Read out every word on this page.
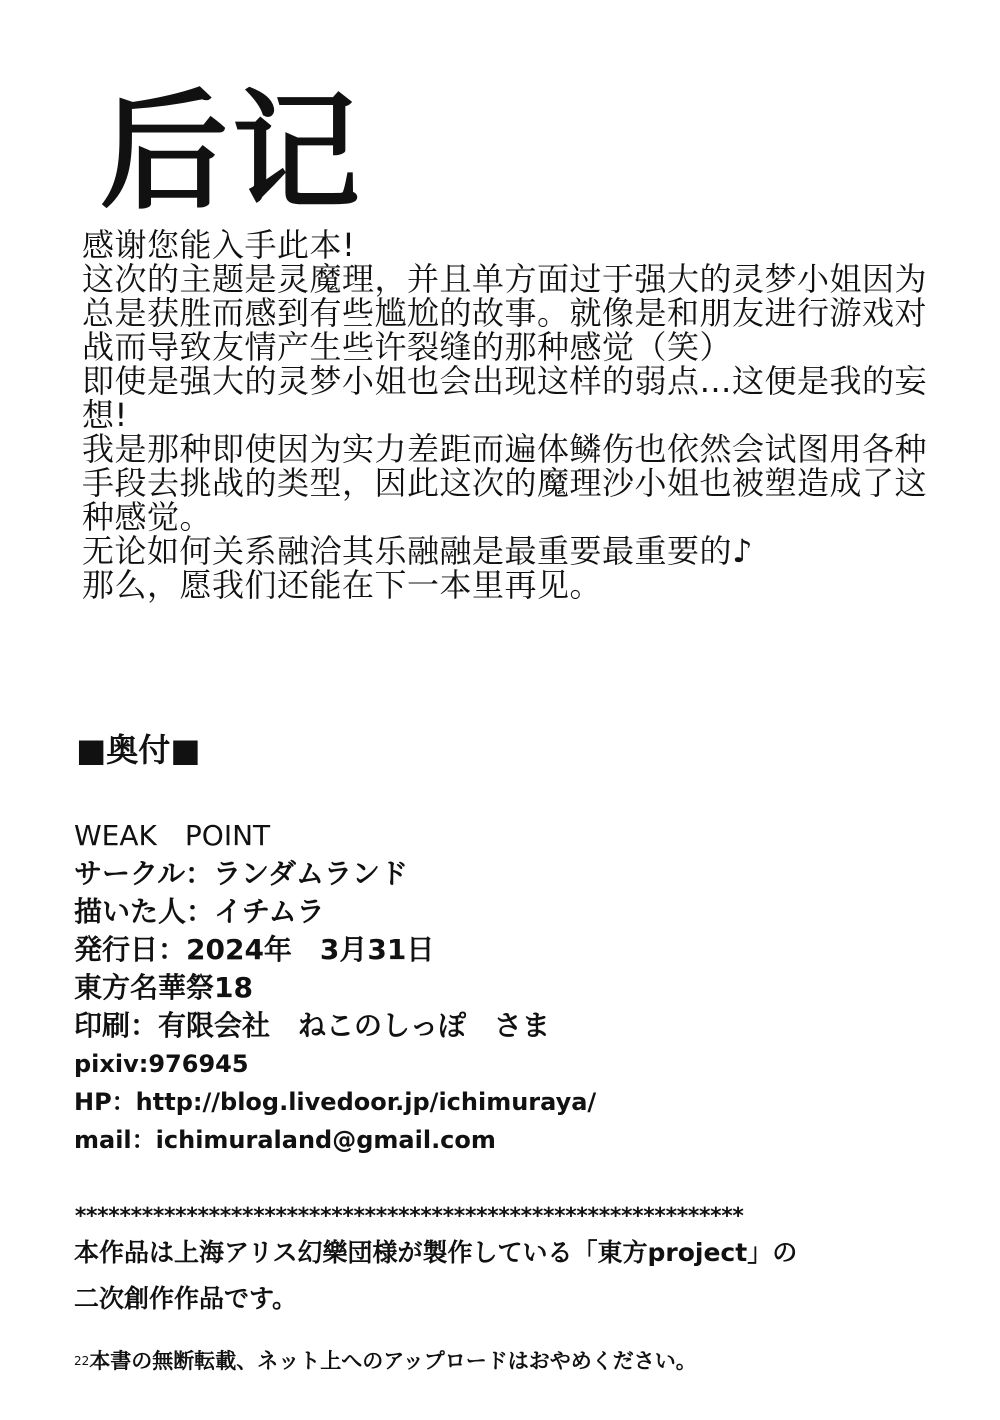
后记
感谢您能入手此本!
这次的主题是灵魔理，并且单方面过于强大的灵梦小姐因为
总是获胜而感到有些尴尬的故事。就像是和朋友进行游戏对
战而导致友情产生些许裂缝的那种感觉（笑）
即使是强大的灵梦小姐也会出现这样的弱点…这便是我的妄
想!
我是那种即使因为实力差距而遍体鳞伤也依然会试图用各种
手段去挑战的类型，因此这次的魔理沙小姐也被塑造成了这
种感觉。
无论如何关系融洽其乐融融是最重要最重要的♪
那么，愿我们还能在下一本里再见。
■奥付■
WEAK　POINT
サークル：ランダムランド
描いた人：イチムラ
発行日：2024年　3月31日
東方名華祭18
印刷：有限会社　ねこのしっぽ　さま
pixiv:976945
HP：http://blog.livedoor.jp/ichimuraya/
mail：ichimuraland@gmail.com
************************************************************
本作品は上海アリス幻樂団様が製作している「東方project」の
二次創作作品です。
$^{22}$本書の無断転載、ネット上へのアップロードはおやめください。
